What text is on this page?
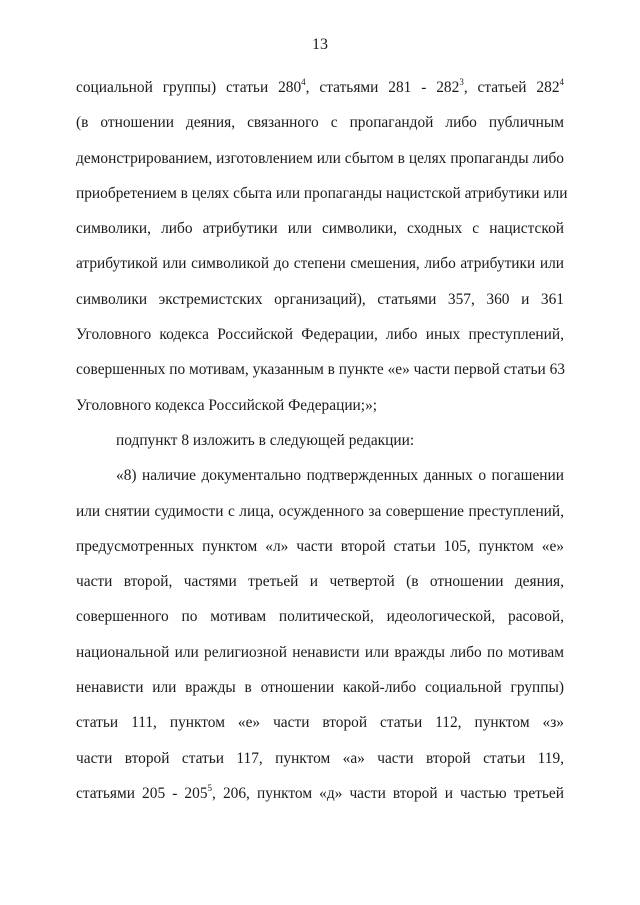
13
социальной группы) статьи $280^4$, статьями $281 - 282^3$, статьей $282^4$
(в отношении деяния, связанного с пропагандой либо публичным
демонстрированием, изготовлением или сбытом в целях пропаганды либо
приобретением в целях сбыта или пропаганды нацистской атрибутики или
символики, либо атрибутики или символики, сходных с нацистской
атрибутикой или символикой до степени смешения, либо атрибутики или
символики экстремистских организаций), статьями 357, 360 и 361
Уголовного кодекса Российской Федерации, либо иных преступлений,
совершенных по мотивам, указанным в пункте «е» части первой статьи 63
Уголовного кодекса Российской Федерации;»;
подпункт 8 изложить в следующей редакции:
«8) наличие документально подтвержденных данных о погашении
или снятии судимости с лица, осужденного за совершение преступлений,
предусмотренных пунктом «л» части второй статьи 105, пунктом «е»
части второй, частями третьей и четвертой (в отношении деяния,
совершенного по мотивам политической, идеологической, расовой,
национальной или религиозной ненависти или вражды либо по мотивам
ненависти или вражды в отношении какой-либо социальной группы)
статьи 111, пунктом «е» части второй статьи 112, пунктом «з»
части второй статьи 117, пунктом «а» части второй статьи 119,
статьями $205 - 205^5$, 206, пунктом «д» части второй и частью третьей
